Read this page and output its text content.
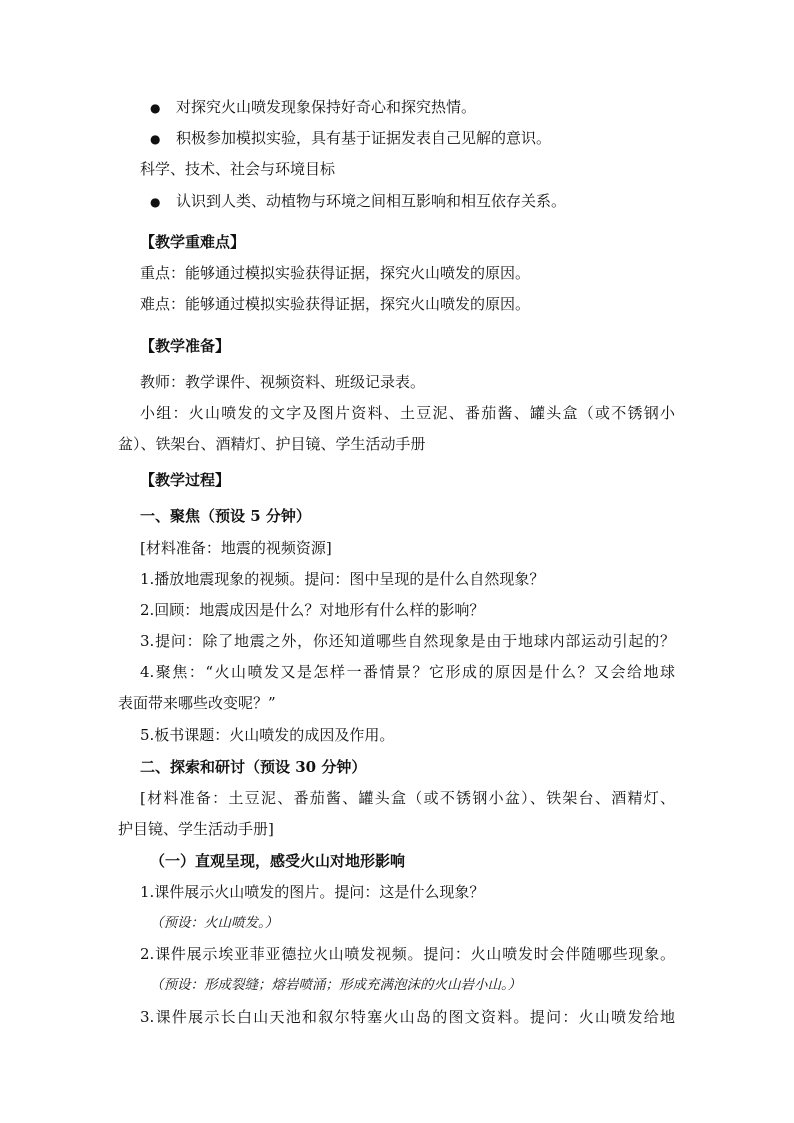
● 对探究火山喷发现象保持好奇心和探究热情。
● 积极参加模拟实验，具有基于证据发表自己见解的意识。
科学、技术、社会与环境目标
● 认识到人类、动植物与环境之间相互影响和相互依存关系。
【教学重难点】
重点：能够通过模拟实验获得证据，探究火山喷发的原因。
难点：能够通过模拟实验获得证据，探究火山喷发的原因。
【教学准备】
教师：教学课件、视频资料、班级记录表。
小组：火山喷发的文字及图片资料、土豆泥、番茄酱、罐头盒（或不锈钢小
盆）、铁架台、酒精灯、护目镜、学生活动手册
【教学过程】
一、聚焦（预设 5 分钟）
[材料准备：地震的视频资源]
1.播放地震现象的视频。提问：图中呈现的是什么自然现象？
2.回顾：地震成因是什么？对地形有什么样的影响？
3.提问：除了地震之外，你还知道哪些自然现象是由于地球内部运动引起的？
4.聚焦：“火山喷发又是怎样一番情景？它形成的原因是什么？又会给地球
表面带来哪些改变呢？”
5.板书课题：火山喷发的成因及作用。
二、探索和研讨（预设 30 分钟）
[材料准备：土豆泥、番茄酱、罐头盒（或不锈钢小盆）、铁架台、酒精灯、
护目镜、学生活动手册]
（一）直观呈现，感受火山对地形影响
1.课件展示火山喷发的图片。提问：这是什么现象？
（预设：火山喷发。）
2.课件展示埃亚菲亚德拉火山喷发视频。提问：火山喷发时会伴随哪些现象。
（预设：形成裂缝；熔岩喷涌；形成充满泡沫的火山岩小山。）
3.课件展示长白山天池和叙尔特塞火山岛的图文资料。提问：火山喷发给地
